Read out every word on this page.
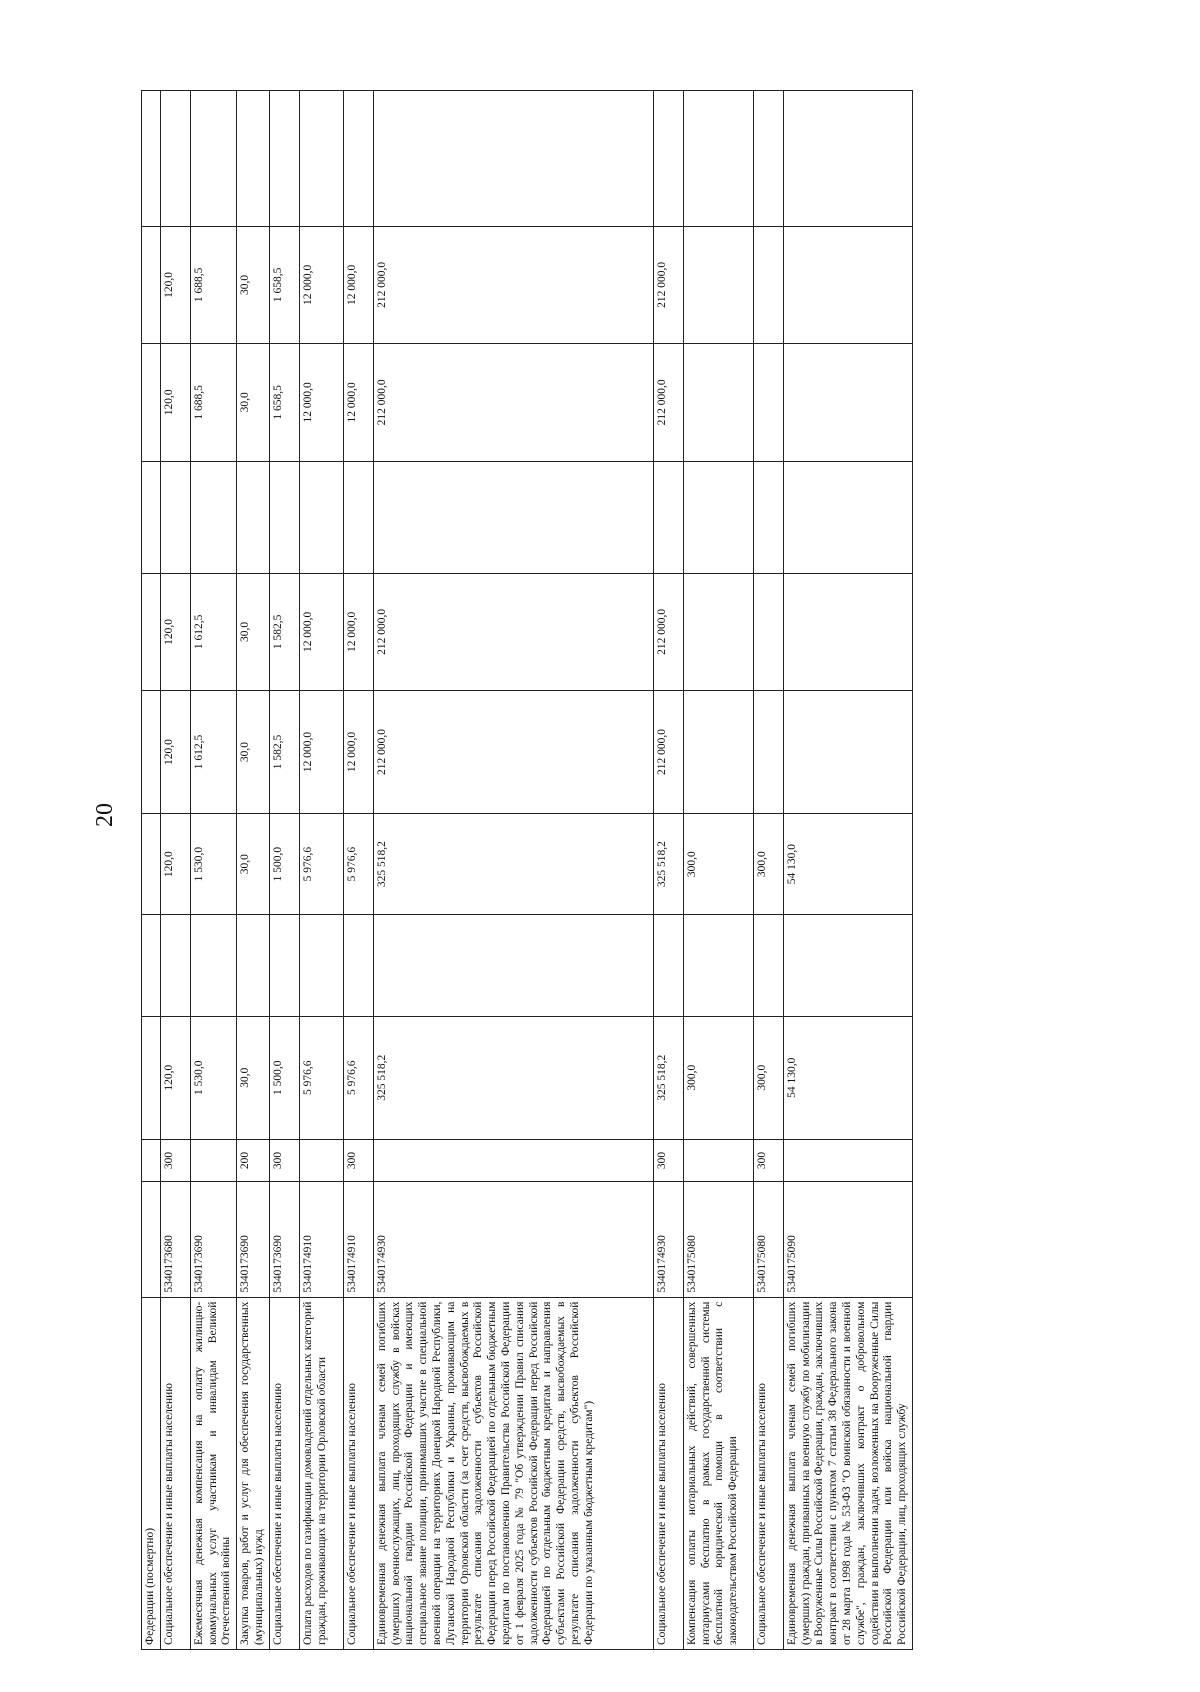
20
Федерации (посмертно)											
Социальное обеспечение и иные выплаты населению	5340173680	300	120,0		120,0	120,0	120,0		120,0	120,0	
Ежемесячная денежная компенсация на оплату жилищно-коммунальных услуг участникам и инвалидам Великой Отечественной войны	5340173690		1 530,0		1 530,0	1 612,5	1 612,5		1 688,5	1 688,5	
Закупка товаров, работ и услуг для обеспечения государственных (муниципальных) нужд	5340173690	200	30,0		30,0	30,0	30,0		30,0	30,0	
Социальное обеспечение и иные выплаты населению	5340173690	300	1 500,0		1 500,0	1 582,5	1 582,5		1 658,5	1 658,5	
Оплата расходов по газификации домовладений отдельных категорий граждан, проживающих на территории Орловской области	5340174910		5 976,6		5 976,6	12 000,0	12 000,0		12 000,0	12 000,0	
Социальное обеспечение и иные выплаты населению	5340174910	300	5 976,6		5 976,6	12 000,0	12 000,0		12 000,0	12 000,0	
Единовременная денежная выплата членам семей погибших (умерших) военнослужащих, лиц, проходящих службу в войсках национальной гвардии Российской Федерации и имеющих специальное звание полиции, принимавших участие в специальной военной операции на территориях Донецкой Народной Республики, Луганской Народной Республики и Украины, проживающим на территории Орловской области (за счет средств, высвобождаемых в результате списания задолженности субъектов Российской Федерации перед Российской Федерацией по отдельным бюджетным кредитам по постановлению Правительства Российской Федерации от 1 февраля 2025 года № 79 "Об утверждении Правил списания задолженности субъектов Российской Федерации перед Российской Федерацией по отдельным бюджетным кредитам и направления субъектами Российской Федерации средств, высвобождаемых в результате списания задолженности субъектов Российской Федерации по указанным бюджетным кредитам")	5340174930		325 518,2		325 518,2	212 000,0	212 000,0		212 000,0	212 000,0	
Социальное обеспечение и иные выплаты населению	5340174930	300	325 518,2		325 518,2	212 000,0	212 000,0		212 000,0	212 000,0	
Компенсация оплаты нотариальных действий, совершенных нотариусами бесплатно в рамках государственной системы бесплатной юридической помощи в соответствии с законодательством Российской Федерации	5340175080		300,0		300,0						
Социальное обеспечение и иные выплаты населению	5340175080	300	300,0		300,0						
Единовременная денежная выплата членам семей погибших (умерших) граждан, призванных на военную службу по мобилизации в Вооруженные Силы Российской Федерации, граждан, заключивших контракт в соответствии с пунктом 7 статьи 38 Федерального закона от 28 марта 1998 года № 53-ФЗ "О воинской обязанности и военной службе", граждан, заключивших контракт о добровольном содействии в выполнении задач, возложенных на Вооруженные Силы Российской Федерации или войска национальной гвардии Российской Федерации, лиц, проходящих службу	5340175090		54 130,0		54 130,0						
